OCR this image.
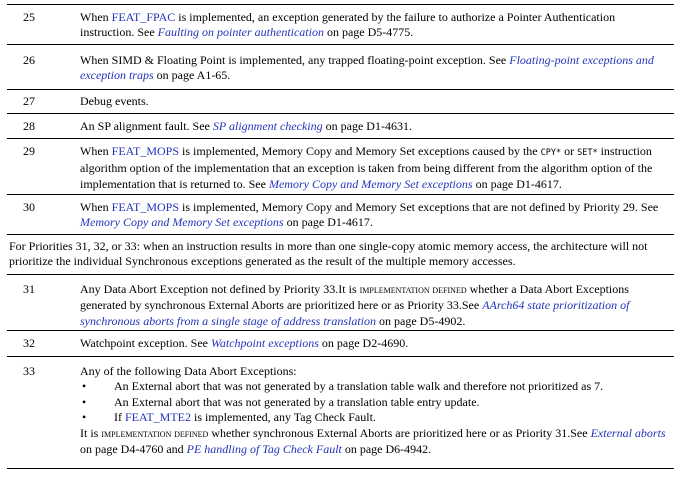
25	When FEAT_FPAC is implemented, an exception generated by the failure to authorize a Pointer Authentication instruction. See Faulting on pointer authentication on page D5-4775.
26	When SIMD & Floating Point is implemented, any trapped floating-point exception. See Floating-point exceptions and exception traps on page A1-65.
27	Debug events.
28	An SP alignment fault. See SP alignment checking on page D1-4631.
29	When FEAT_MOPS is implemented, Memory Copy and Memory Set exceptions caused by the CPY* or SET* instruction algorithm option of the implementation that an exception is taken from being different from the algorithm option of the implementation that is returned to. See Memory Copy and Memory Set exceptions on page D1-4617.
30	When FEAT_MOPS is implemented, Memory Copy and Memory Set exceptions that are not defined by Priority 29. See Memory Copy and Memory Set exceptions on page D1-4617.
For Priorities 31, 32, or 33: when an instruction results in more than one single-copy atomic memory access, the architecture will not prioritize the individual Synchronous exceptions generated as the result of the multiple memory accesses.
31	Any Data Abort Exception not defined by Priority 33.It is implementation defined whether a Data Abort Exceptions generated by synchronous External Aborts are prioritized here or as Priority 33.See AArch64 state prioritization of synchronous aborts from a single stage of address translation on page D5-4902.
32	Watchpoint exception. See Watchpoint exceptions on page D2-4690.
33	Any of the following Data Abort Exceptions:
•	An External abort that was not generated by a translation table walk and therefore not prioritized as 7.
•	An External abort that was not generated by a translation table entry update.
•	If FEAT_MTE2 is implemented, any Tag Check Fault.
It is implementation defined whether synchronous External Aborts are prioritized here or as Priority 31.See External aborts on page D4-4760 and PE handling of Tag Check Fault on page D6-4942.
